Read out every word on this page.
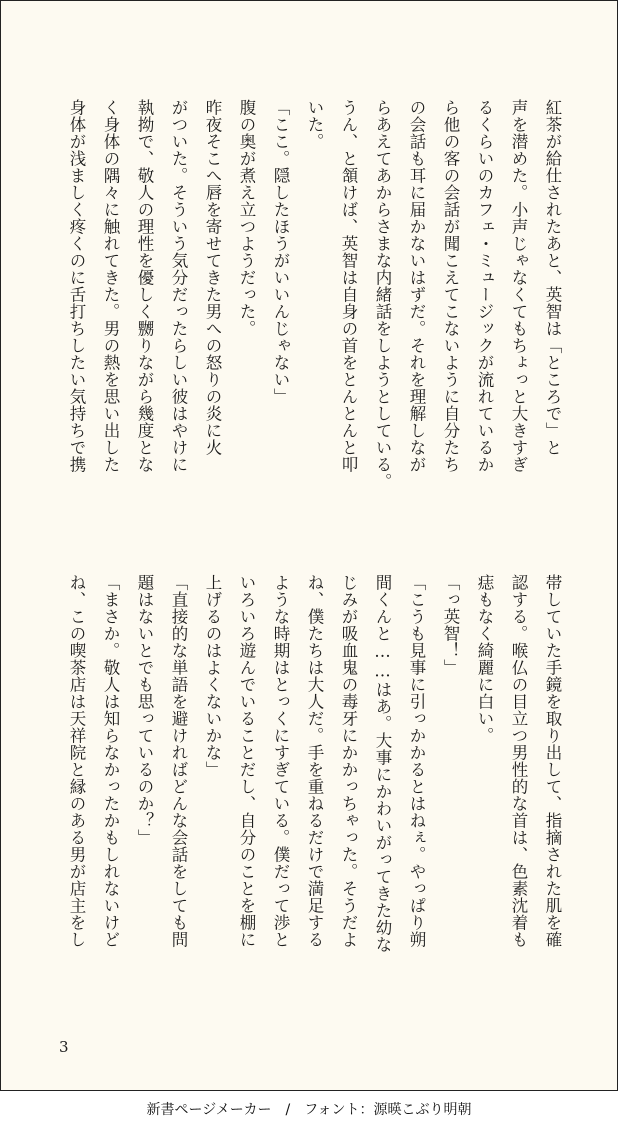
紅茶が給仕されたあと、英智は「ところで」と
声を潜めた。小声じゃなくてもちょっと大きすぎ
るくらいのカフェ・ミュージックが流れているか
ら他の客の会話が聞こえてこないように自分たち
の会話も耳に届かないはずだ。それを理解しなが
らあえてあからさまな内緒話をしようとしている。
うん、と頷けば、英智は自身の首をとんとんと叩
いた。
「ここ。隠したほうがいいんじゃない」
腹の奥が煮え立つようだった。
昨夜そこへ唇を寄せてきた男への怒りの炎に火
がついた。そういう気分だったらしい彼はやけに
執拗で、敬人の理性を優しく嬲りながら幾度とな
く身体の隅々に触れてきた。男の熱を思い出した
身体が浅ましく疼くのに舌打ちしたい気持ちで携
帯していた手鏡を取り出して、指摘された肌を確
認する。喉仏の目立つ男性的な首は、色素沈着も
痣もなく綺麗に白い。
「っ英智！」
「こうも見事に引っかかるとはねぇ。やっぱり朔
間くんと……はあ。大事にかわいがってきた幼な
じみが吸血鬼の毒牙にかかっちゃった。そうだよ
ね、僕たちは大人だ。手を重ねるだけで満足する
ような時期はとっくにすぎている。僕だって渉と
いろいろ遊んでいることだし、自分のことを棚に
上げるのはよくないかな」
「直接的な単語を避ければどんな会話をしても問
題はないとでも思っているのか？」
「まさか。敬人は知らなかったかもしれないけど
ね、この喫茶店は天祥院と縁のある男が店主をし
3
新書ページメーカー　/　フォント：源暎こぶり明朝
